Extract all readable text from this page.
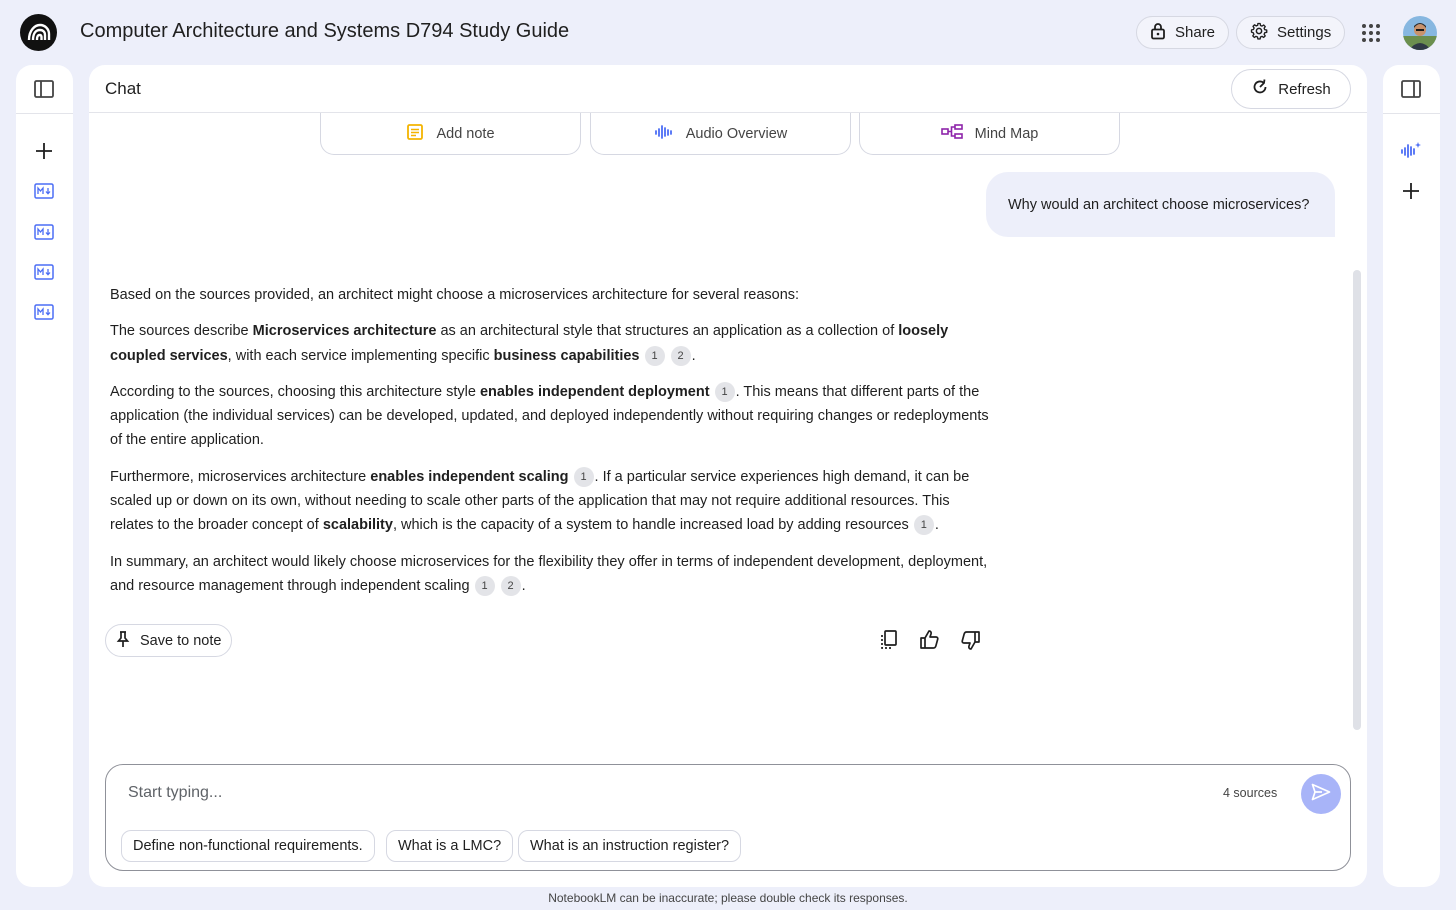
Computer Architecture and Systems D794 Study Guide	Share	Settings
Chat	Refresh
Add note	Audio Overview	Mind Map
Why would an architect choose microservices?

Based on the sources provided, an architect might choose a microservices architecture for several reasons:

The sources describe Microservices architecture as an architectural style that structures an application as a collection of loosely coupled services, with each service implementing specific business capabilities 1 2 .

According to the sources, choosing this architecture style enables independent deployment 1 . This means that different parts of the application (the individual services) can be developed, updated, and deployed independently without requiring changes or redeployments of the entire application.

Furthermore, microservices architecture enables independent scaling 1 . If a particular service experiences high demand, it can be scaled up or down on its own, without needing to scale other parts of the application that may not require additional resources. This relates to the broader concept of scalability, which is the capacity of a system to handle increased load by adding resources 1 .

In summary, an architect would likely choose microservices for the flexibility they offer in terms of independent development, deployment, and resource management through independent scaling 1 2 .

Save to note
Start typing...
4 sources
Define non-functional requirements.	What is a LMC?	What is an instruction register?
NotebookLM can be inaccurate; please double check its responses.
